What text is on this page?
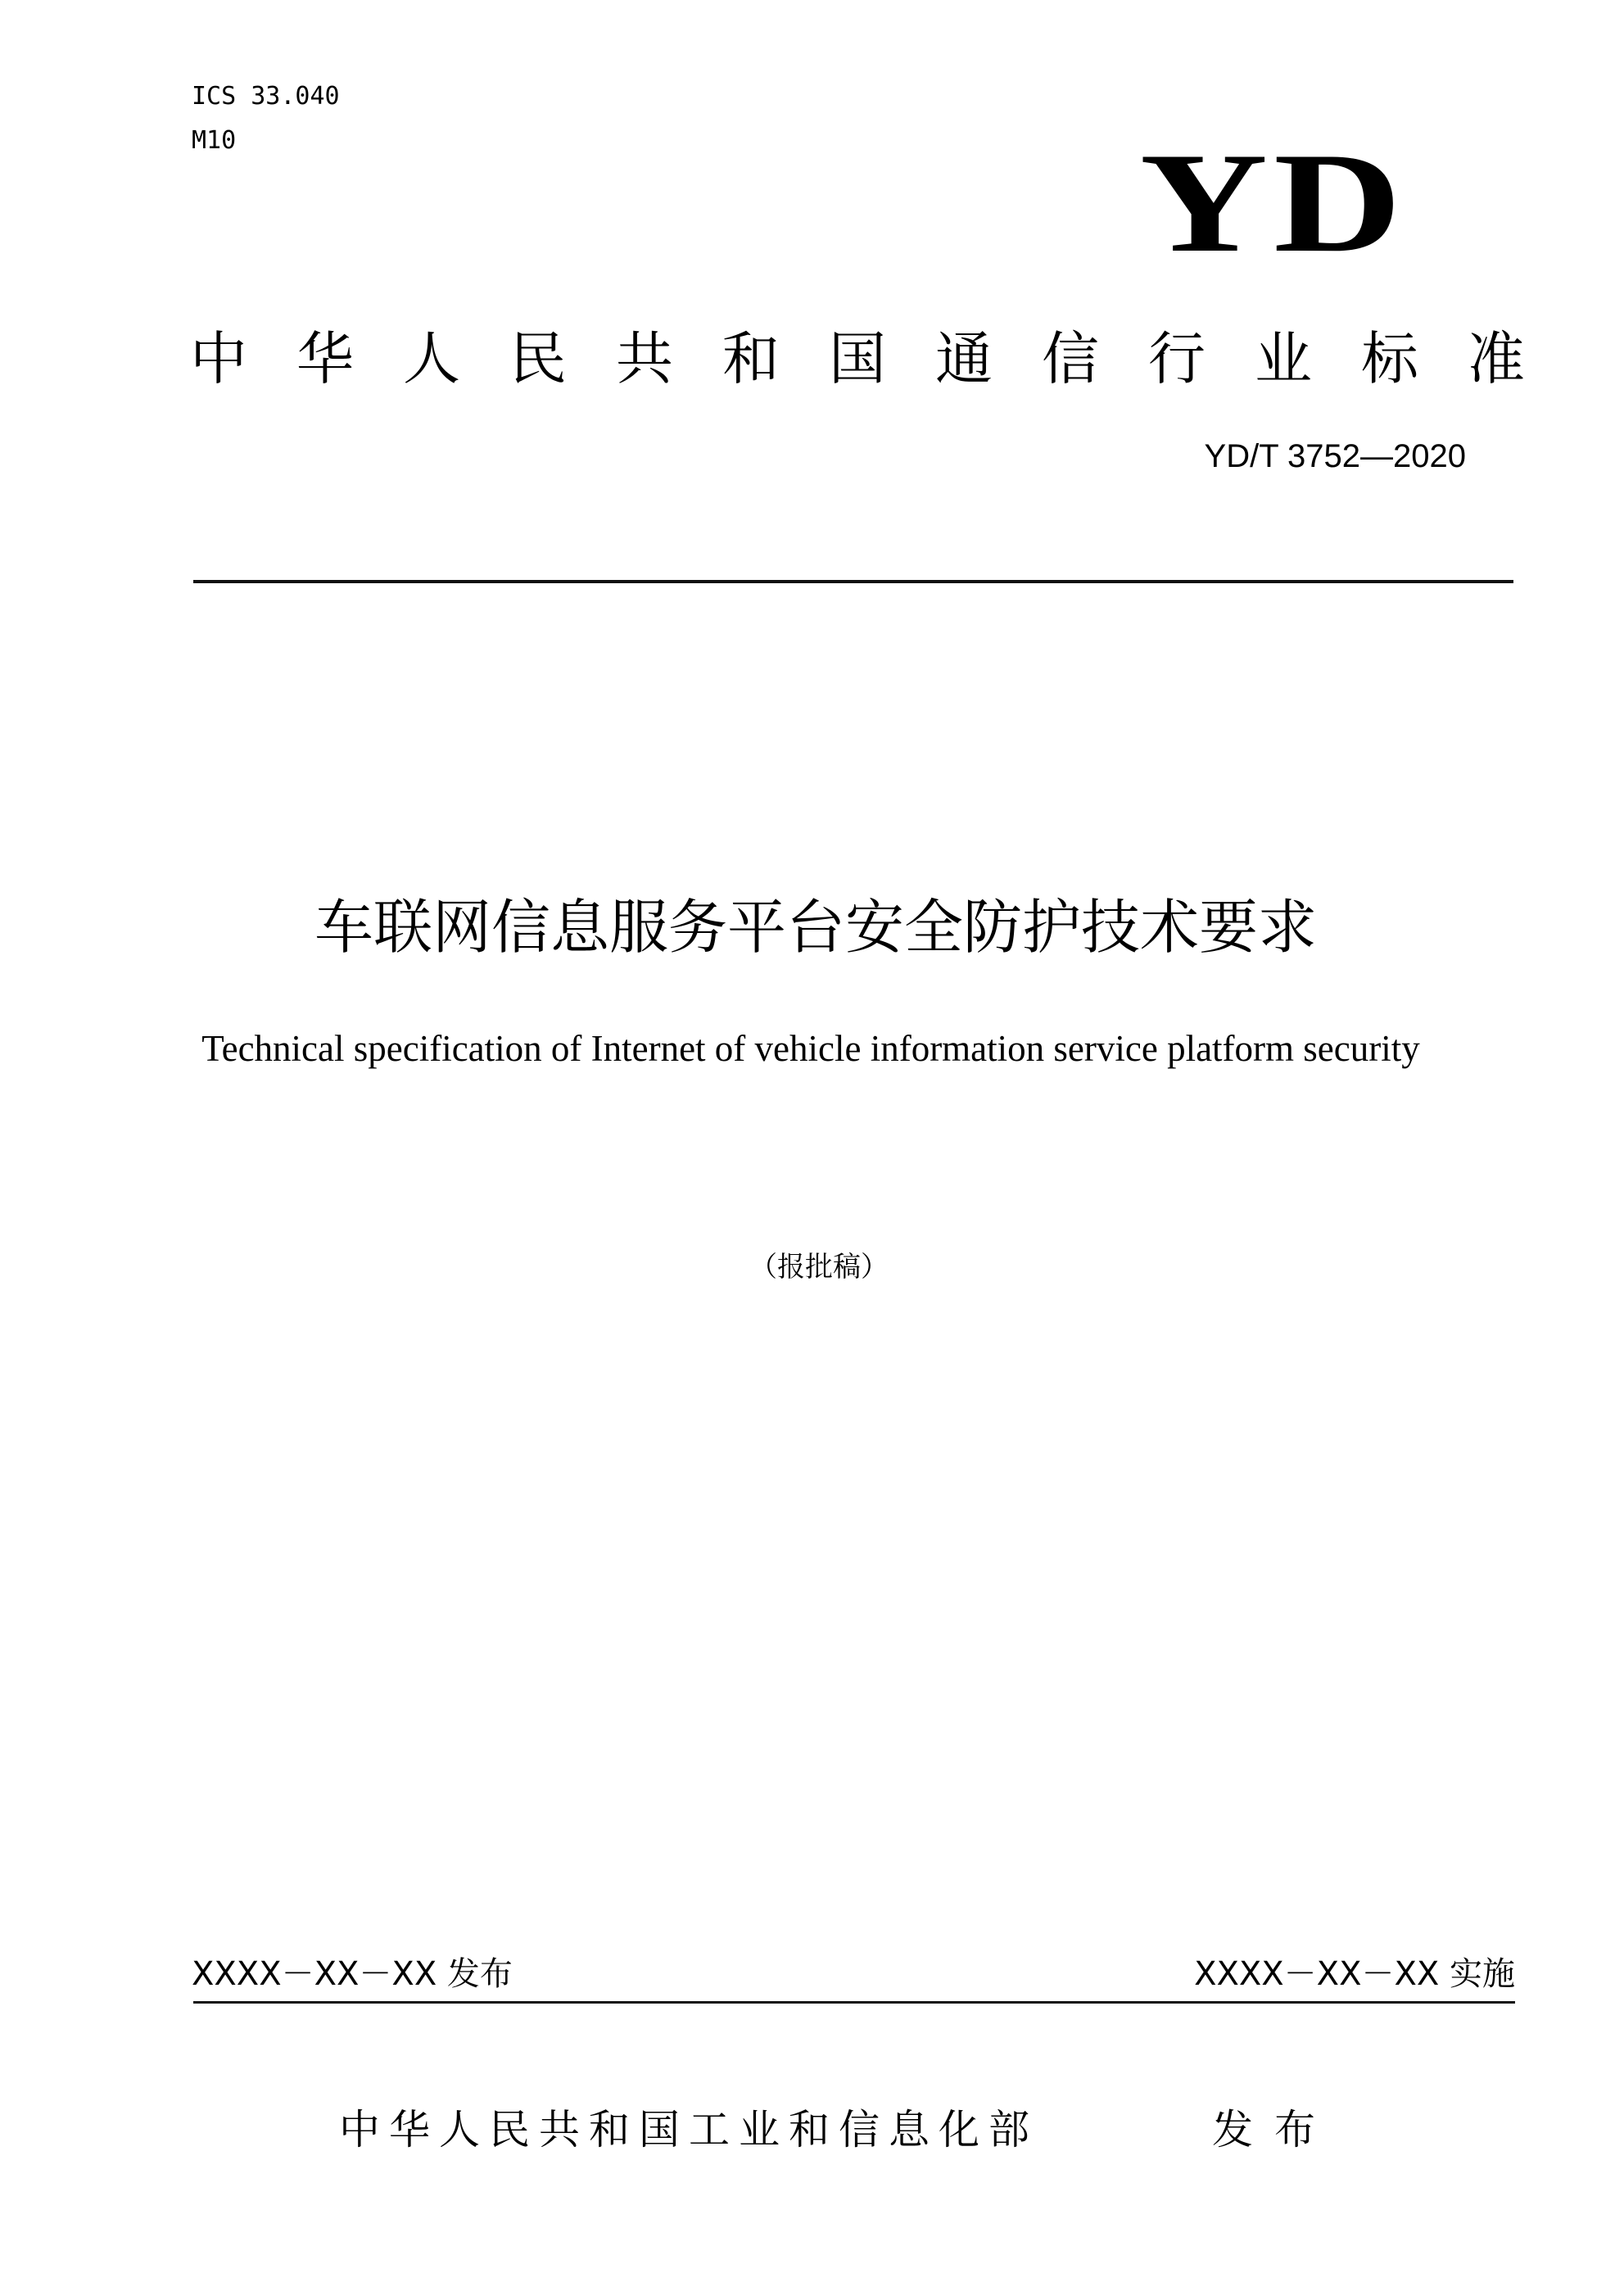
ICS 33.040
M10	YD
中华人民共和国通信行业标准
YD/T 3752—2020
车联网信息服务平台安全防护技术要求
Technical specification of Internet of vehicle information service platform security
（报批稿）
XXXX－XX－XX 发布	XXXX－XX－XX 实施
中华人民共和国工业和信息化部	发布
